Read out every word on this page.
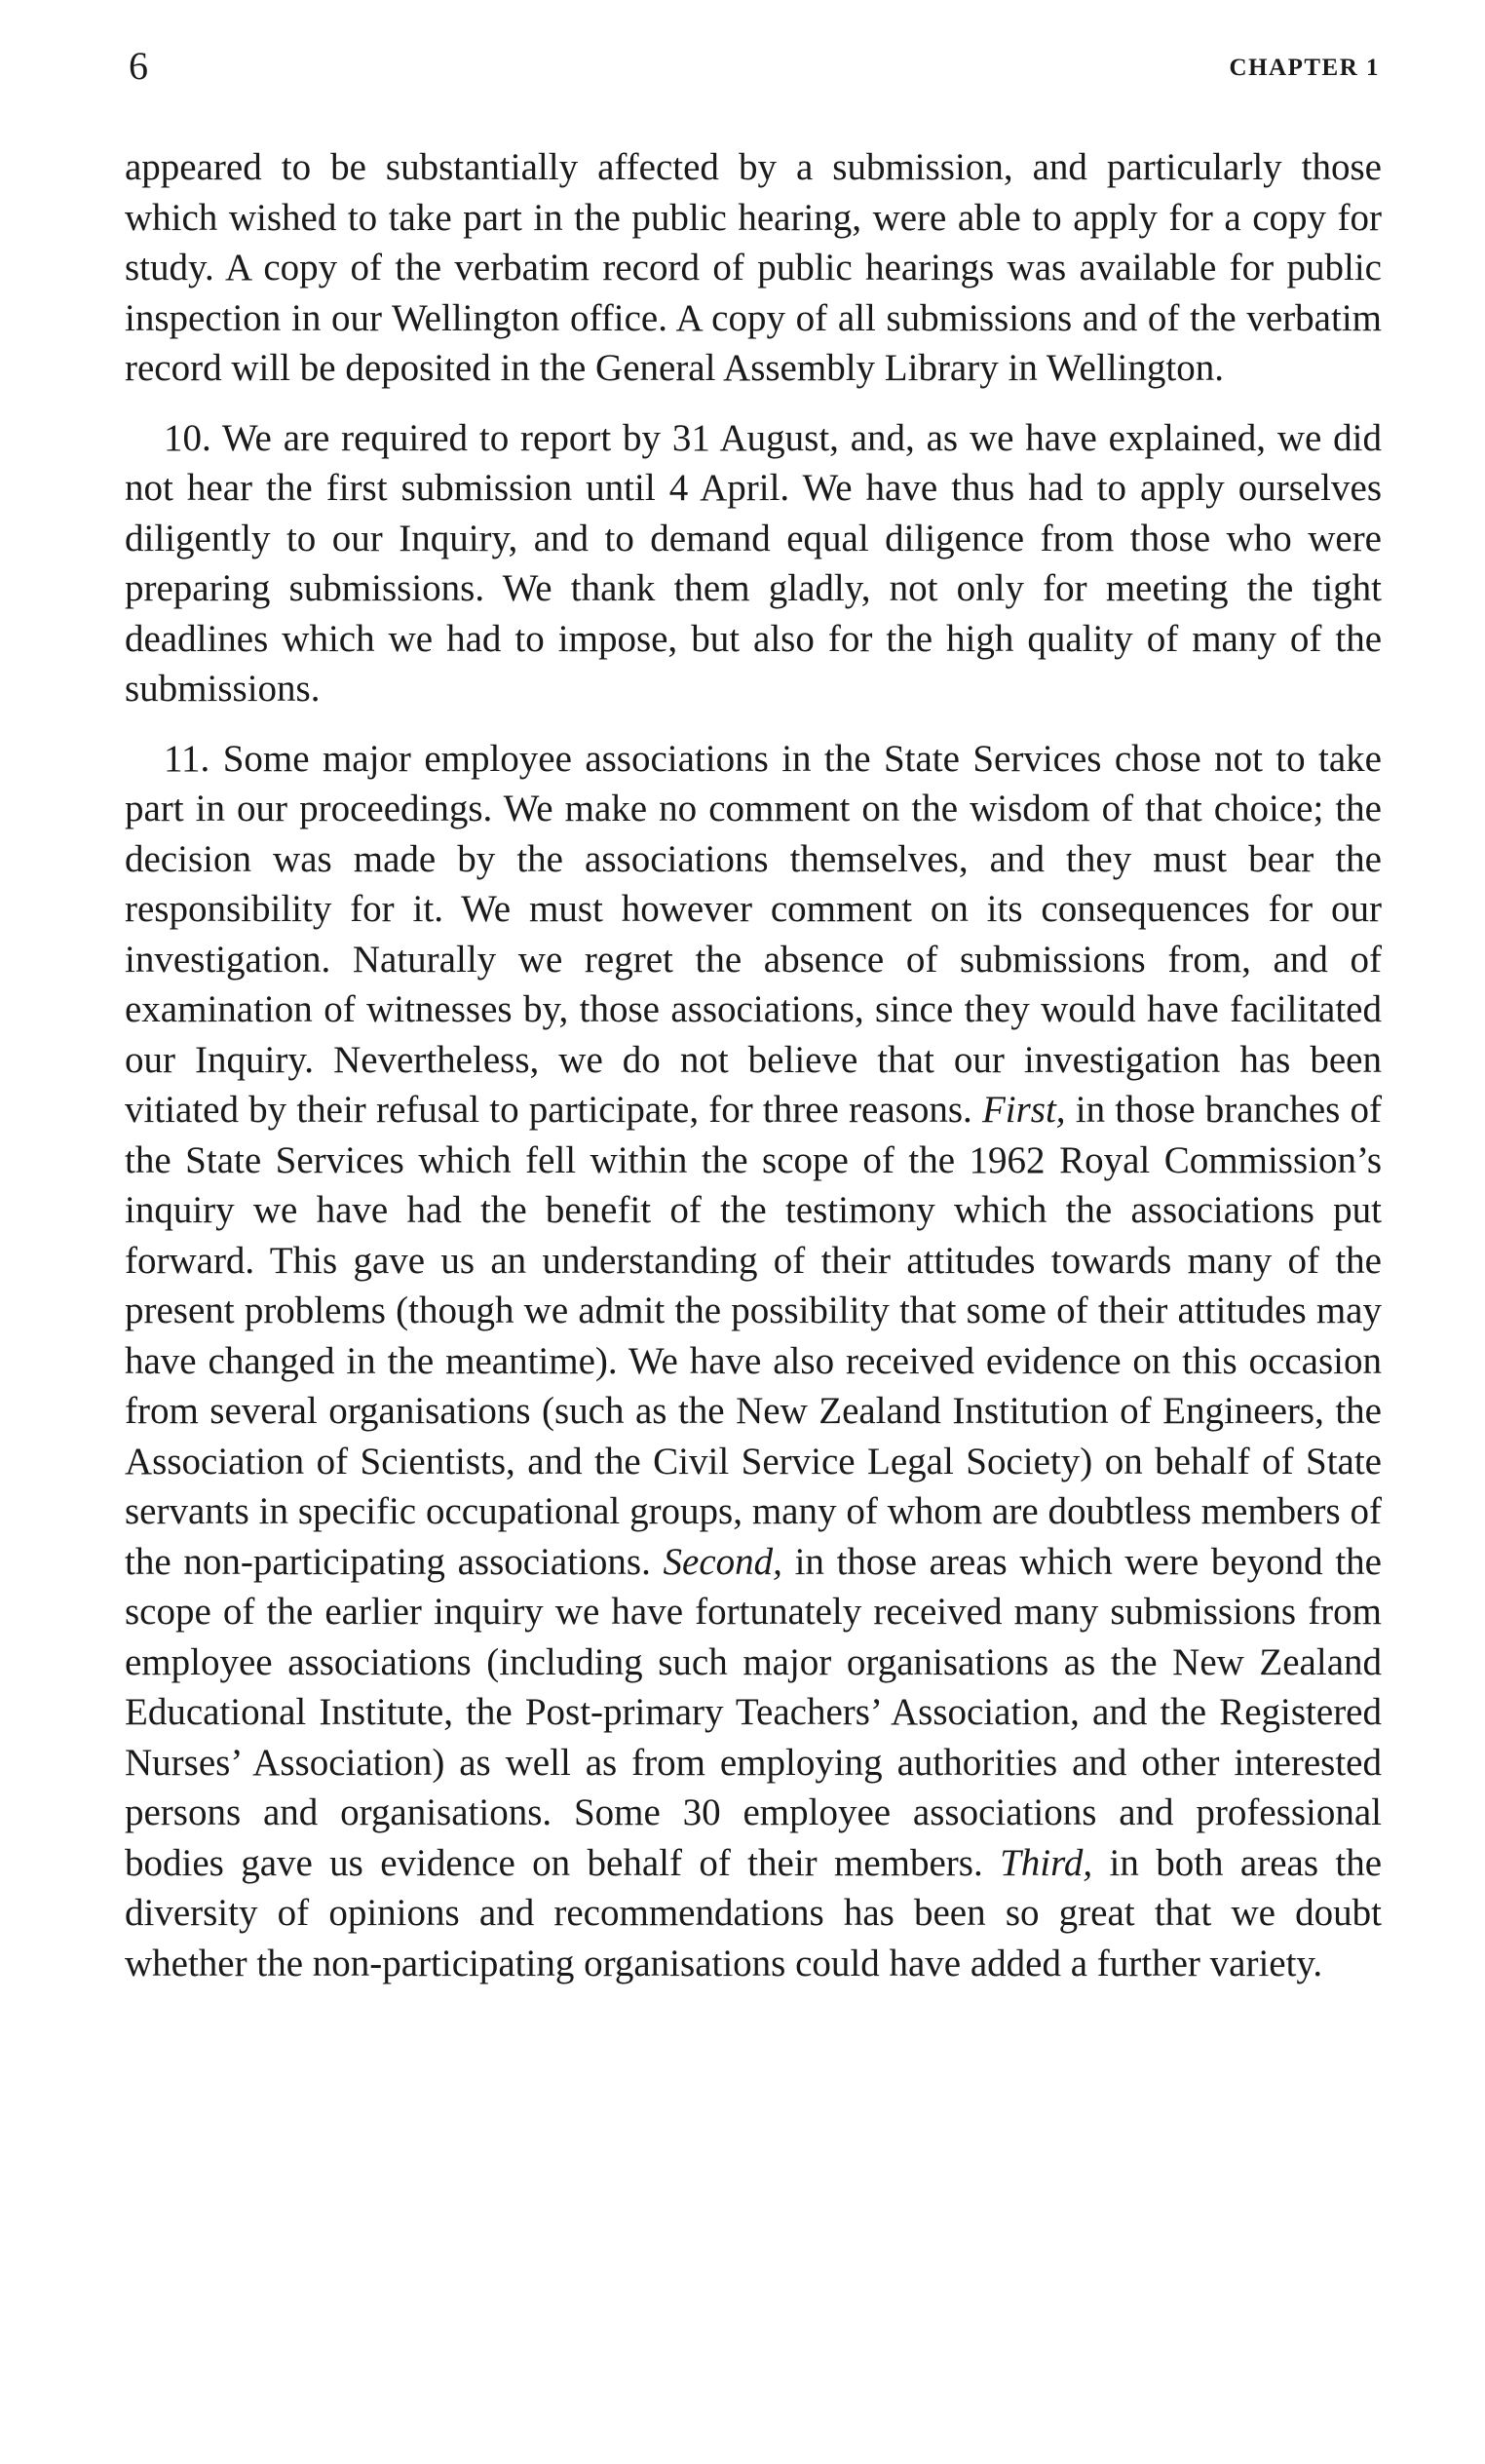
6	CHAPTER 1

appeared to be substantially affected by a submission, and particularly those which wished to take part in the public hearing, were able to apply for a copy for study. A copy of the verbatim record of public hearings was available for public inspection in our Wellington office. A copy of all submissions and of the verbatim record will be deposited in the General Assembly Library in Wellington.

10. We are required to report by 31 August, and, as we have explained, we did not hear the first submission until 4 April. We have thus had to apply ourselves diligently to our Inquiry, and to demand equal diligence from those who were preparing submissions. We thank them gladly, not only for meeting the tight deadlines which we had to impose, but also for the high quality of many of the submissions.

11. Some major employee associations in the State Services chose not to take part in our proceedings. We make no comment on the wisdom of that choice; the decision was made by the associations themselves, and they must bear the responsibility for it. We must however comment on its consequences for our investigation. Naturally we regret the absence of submissions from, and of examination of witnesses by, those associations, since they would have facilitated our Inquiry. Nevertheless, we do not believe that our investigation has been vitiated by their refusal to participate, for three reasons. First, in those branches of the State Services which fell within the scope of the 1962 Royal Commission’s inquiry we have had the benefit of the testimony which the associations put forward. This gave us an understanding of their attitudes towards many of the present problems (though we admit the possibility that some of their attitudes may have changed in the meantime). We have also received evidence on this occasion from several organisations (such as the New Zealand Institution of Engineers, the Association of Scientists, and the Civil Service Legal Society) on behalf of State servants in specific occupational groups, many of whom are doubtless members of the non-participating associations. Second, in those areas which were beyond the scope of the earlier inquiry we have fortunately received many submissions from employee associations (including such major organisations as the New Zealand Educational Institute, the Post-primary Teachers’ Association, and the Registered Nurses’ Association) as well as from employing authorities and other interested persons and organisations. Some 30 employee associations and professional bodies gave us evidence on behalf of their members. Third, in both areas the diversity of opinions and recommendations has been so great that we doubt whether the non-participating organisations could have added a further variety.
